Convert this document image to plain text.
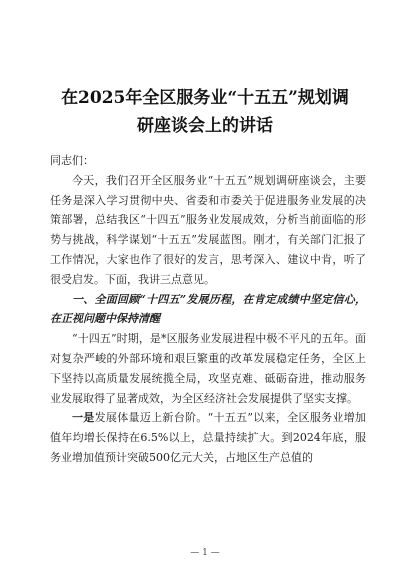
在2025年全区服务业“十五五”规划调
研座谈会上的讲话

同志们：

今天，我们召开全区服务业“十五五”规划调研座谈会，主要任务是深入学习贯彻中央、省委和市委关于促进服务业发展的决策部署，总结我区“十四五”服务业发展成效，分析当前面临的形势与挑战，科学谋划“十五五”发展蓝图。刚才，有关部门汇报了工作情况，大家也作了很好的发言，思考深入、建议中肯，听了很受启发。下面，我讲三点意见。

一、全面回顾“十四五”发展历程，在肯定成绩中坚定信心，在正视问题中保持清醒

“十四五”时期，是*区服务业发展进程中极不平凡的五年。面对复杂严峻的外部环境和艰巨繁重的改革发展稳定任务，全区上下坚持以高质量发展统揽全局，攻坚克难、砥砺奋进，推动服务业发展取得了显著成效，为全区经济社会发展提供了坚实支撑。

一是发展体量迈上新台阶。“十五五”以来，全区服务业增加值年均增长保持在6.5%以上，总量持续扩大。到2024年底，服务业增加值预计突破500亿元大关，占地区生产总值的

— 1 —
